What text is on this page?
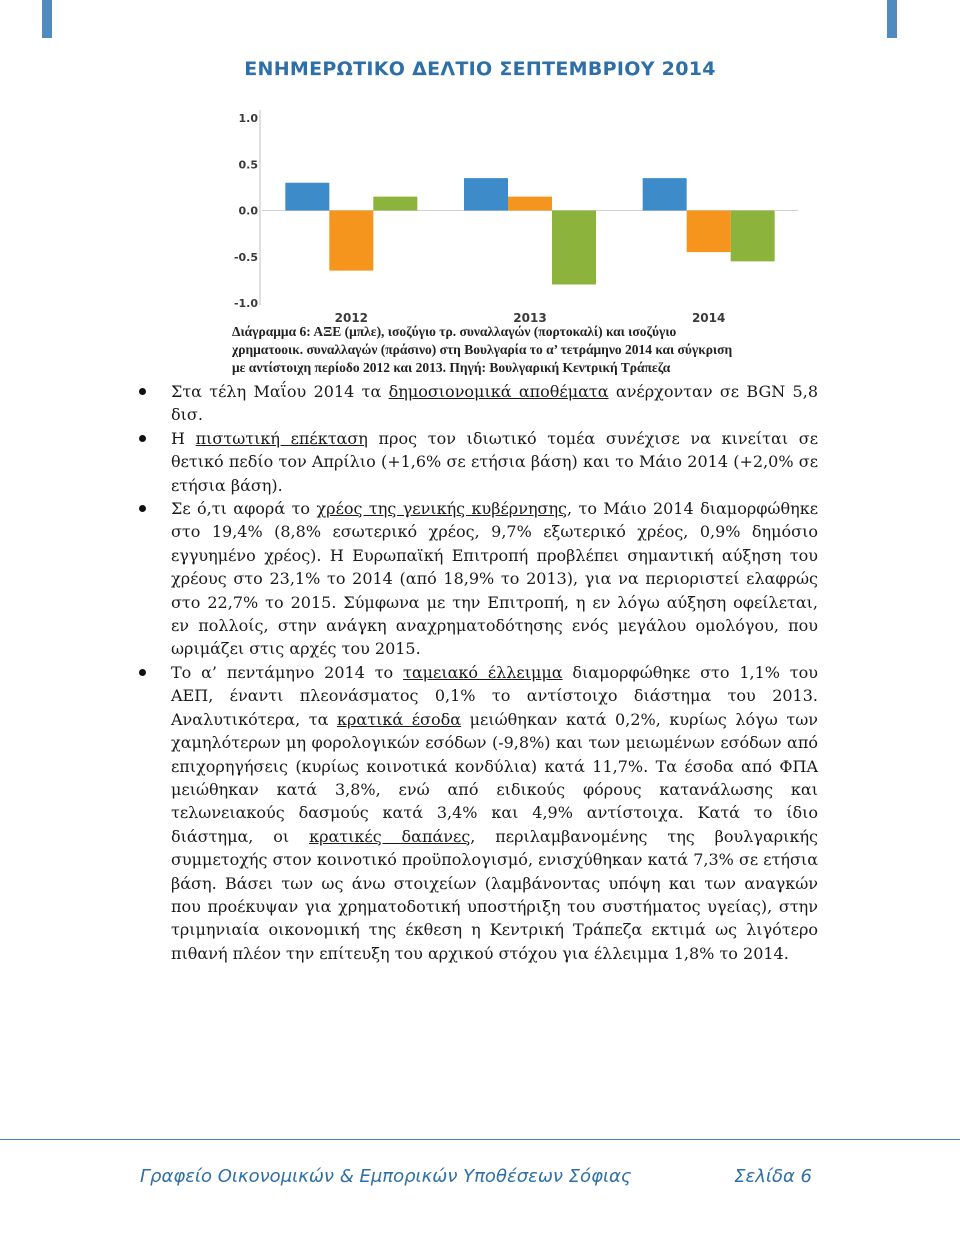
ΕΝΗΜΕΡΩΤΙΚΟ ΔΕΛΤΙΟ ΣΕΠΤΕΜΒΡΙΟΥ 2014
1.0
0.5
0.0
-0.5
-1.0
2012	2013	2014
Διάγραμμα 6: ΑΞΕ (μπλε), ισοζύγιο τρ. συναλλαγών (πορτοκαλί) και ισοζύγιο
χρηματοοικ. συναλλαγών (πράσινο) στη Βουλγαρία το α’ τετράμηνο 2014 και σύγκριση
με αντίστοιχη περίοδο 2012 και 2013. Πηγή: Βουλγαρική Κεντρική Τράπεζα
Στα τέλη Μαΐου 2014 τα δημοσιονομικά αποθέματα ανέρχονταν σε BGN 5,8 δισ.
Η πιστωτική επέκταση προς τον ιδιωτικό τομέα συνέχισε να κινείται σε θετικό πεδίο τον Απρίλιο (+1,6% σε ετήσια βάση) και το Μάιο 2014 (+2,0% σε ετήσια βάση).
Σε ό,τι αφορά το χρέος της γενικής κυβέρνησης, το Μάιο 2014 διαμορφώθηκε στο 19,4% (8,8% εσωτερικό χρέος, 9,7% εξωτερικό χρέος, 0,9% δημόσιο εγγυημένο χρέος). Η Ευρωπαϊκή Επιτροπή προβλέπει σημαντική αύξηση του χρέους στο 23,1% το 2014 (από 18,9% το 2013), για να περιοριστεί ελαφρώς στο 22,7% το 2015. Σύμφωνα με την Επιτροπή, η εν λόγω αύξηση οφείλεται, εν πολλοίς, στην ανάγκη αναχρηματοδότησης ενός μεγάλου ομολόγου, που ωριμάζει στις αρχές του 2015.
Το α’ πεντάμηνο 2014 το ταμειακό έλλειμμα διαμορφώθηκε στο 1,1% του ΑΕΠ, έναντι πλεονάσματος 0,1% το αντίστοιχο διάστημα του 2013. Αναλυτικότερα, τα κρατικά έσοδα μειώθηκαν κατά 0,2%, κυρίως λόγω των χαμηλότερων μη φορολογικών εσόδων (-9,8%) και των μειωμένων εσόδων από επιχορηγήσεις (κυρίως κοινοτικά κονδύλια) κατά 11,7%. Τα έσοδα από ΦΠΑ μειώθηκαν κατά 3,8%, ενώ από ειδικούς φόρους κατανάλωσης και τελωνειακούς δασμούς κατά 3,4% και 4,9% αντίστοιχα. Κατά το ίδιο διάστημα, οι κρατικές δαπάνες, περιλαμβανομένης της βουλγαρικής συμμετοχής στον κοινοτικό προϋπολογισμό, ενισχύθηκαν κατά 7,3% σε ετήσια βάση. Βάσει των ως άνω στοιχείων (λαμβάνοντας υπόψη και των αναγκών που προέκυψαν για χρηματοδοτική υποστήριξη του συστήματος υγείας), στην τριμηνιαία οικονομική της έκθεση η Κεντρική Τράπεζα εκτιμά ως λιγότερο πιθανή πλέον την επίτευξη του αρχικού στόχου για έλλειμμα 1,8% το 2014.
Γραφείο Οικονομικών & Εμπορικών Υποθέσεων Σόφιας	Σελίδα 6
